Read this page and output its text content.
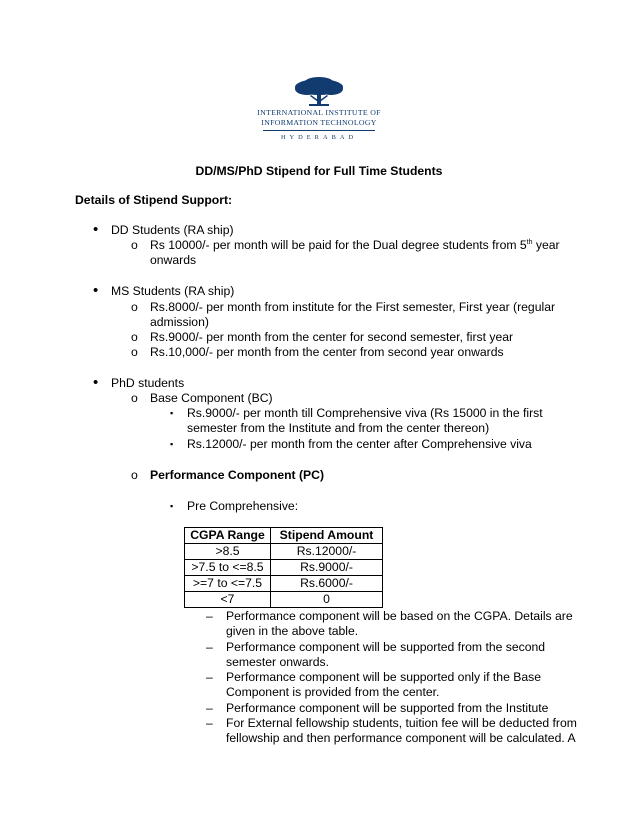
INTERNATIONAL INSTITUTE OF
INFORMATION TECHNOLOGY
HYDERABAD
DD/MS/PhD Stipend for Full Time Students
Details of Stipend Support:
• DD Students (RA ship)
o Rs 10000/- per month will be paid for the Dual degree students from 5th year
onwards
• MS Students (RA ship)
o Rs.8000/- per month from institute for the First semester, First year (regular
admission)
o Rs.9000/- per month from the center for second semester, first year
o Rs.10,000/- per month from the center from second year onwards
• PhD students
o Base Component (BC)
▪ Rs.9000/- per month till Comprehensive viva (Rs 15000 in the first
semester from the Institute and from the center thereon)
▪ Rs.12000/- per month from the center after Comprehensive viva
o Performance Component (PC)
▪ Pre Comprehensive:
CGPA Range	Stipend Amount
>8.5	Rs.12000/-
>7.5 to <=8.5	Rs.9000/-
>=7 to <=7.5	Rs.6000/-
<7	0
– Performance component will be based on the CGPA. Details are
given in the above table.
– Performance component will be supported from the second
semester onwards.
– Performance component will be supported only if the Base
Component is provided from the center.
– Performance component will be supported from the Institute
– For External fellowship students, tuition fee will be deducted from
fellowship and then performance component will be calculated. A
